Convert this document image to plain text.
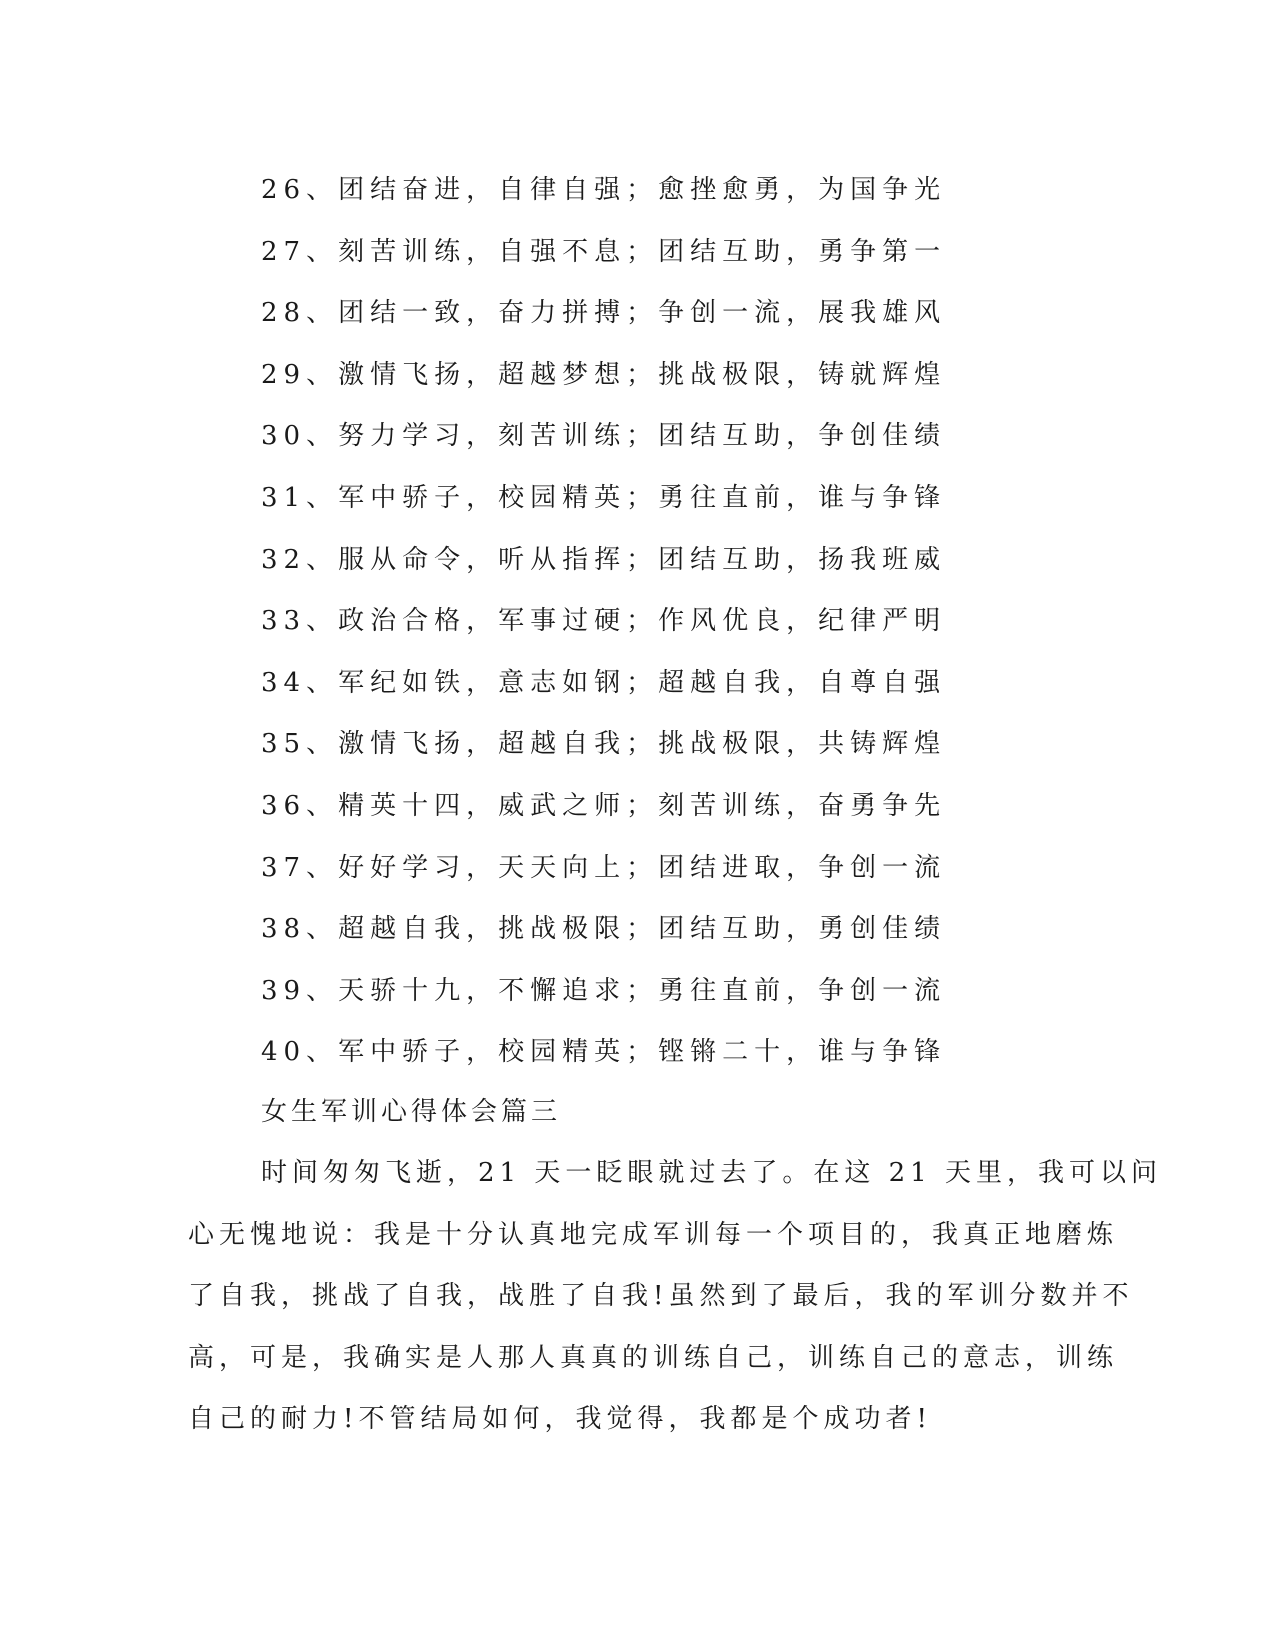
26、团结奋进，自律自强；愈挫愈勇，为国争光
27、刻苦训练，自强不息；团结互助，勇争第一
28、团结一致，奋力拼搏；争创一流，展我雄风
29、激情飞扬，超越梦想；挑战极限，铸就辉煌
30、努力学习，刻苦训练；团结互助，争创佳绩
31、军中骄子，校园精英；勇往直前，谁与争锋
32、服从命令，听从指挥；团结互助，扬我班威
33、政治合格，军事过硬；作风优良，纪律严明
34、军纪如铁，意志如钢；超越自我，自尊自强
35、激情飞扬，超越自我；挑战极限，共铸辉煌
36、精英十四，威武之师；刻苦训练，奋勇争先
37、好好学习，天天向上；团结进取，争创一流
38、超越自我，挑战极限；团结互助，勇创佳绩
39、天骄十九，不懈追求；勇往直前，争创一流
40、军中骄子，校园精英；铿锵二十，谁与争锋
女生军训心得体会篇三
时间匆匆飞逝，21 天一眨眼就过去了。在这 21 天里，我可以问
心无愧地说：我是十分认真地完成军训每一个项目的，我真正地磨炼
了自我，挑战了自我，战胜了自我!虽然到了最后，我的军训分数并不
高，可是，我确实是人那人真真的训练自己，训练自己的意志，训练
自己的耐力!不管结局如何，我觉得，我都是个成功者!
